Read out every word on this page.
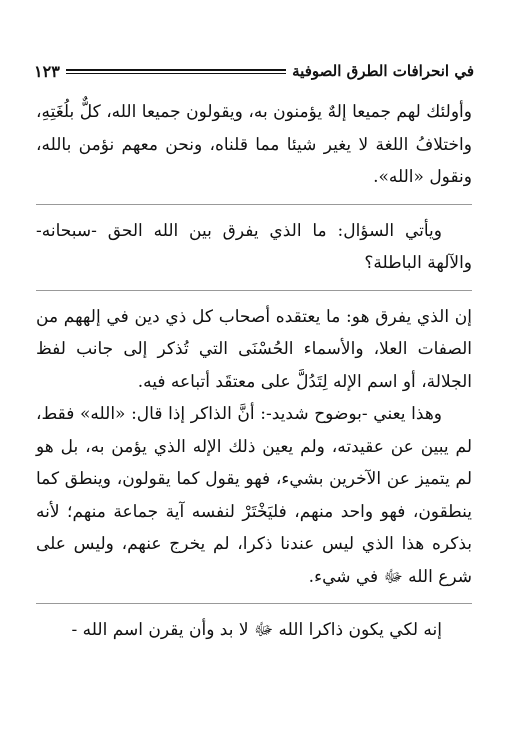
في انحرافات الطرق الصوفية
١٢٣

وأولئك لهم جميعا إلهٌ يؤمنون به، ويقولون جميعا الله، كلٌّ بلُغَتِهِ، واختلافُ اللغة لا يغير شيئا مما قلناه، ونحن معهم نؤمن بالله، ونقول «الله».

ويأتي السؤال: ما الذي يفرق بين الله الحق -سبحانه- والآلهة الباطلة؟

إن الذي يفرق هو: ما يعتقده أصحاب كل ذي دين في إلههم من الصفات العلا، والأسماء الحُسْنَى التي تُذكر إلى جانب لفظ الجلالة، أو اسم الإله لِتَدُلَّ على معتقَد أتباعه فيه.

وهذا يعني -بوضوح شديد-: أنَّ الذاكر إذا قال: «الله» فقط، لم يبين عن عقيدته، ولم يعين ذلك الإله الذي يؤمن به، بل هو لم يتميز عن الآخرين بشيء، فهو يقول كما يقولون، وينطق كما ينطقون، فهو واحد منهم، فليَخْتَرْ لنفسه آية جماعة منهم؛ لأنه بذكره هذا الذي ليس عندنا ذكرا، لم يخرج عنهم، وليس على شرع الله ﷻ في شيء.

إنه لكي يكون ذاكرا الله ﷻ لا بد وأن يقرن اسم الله -
